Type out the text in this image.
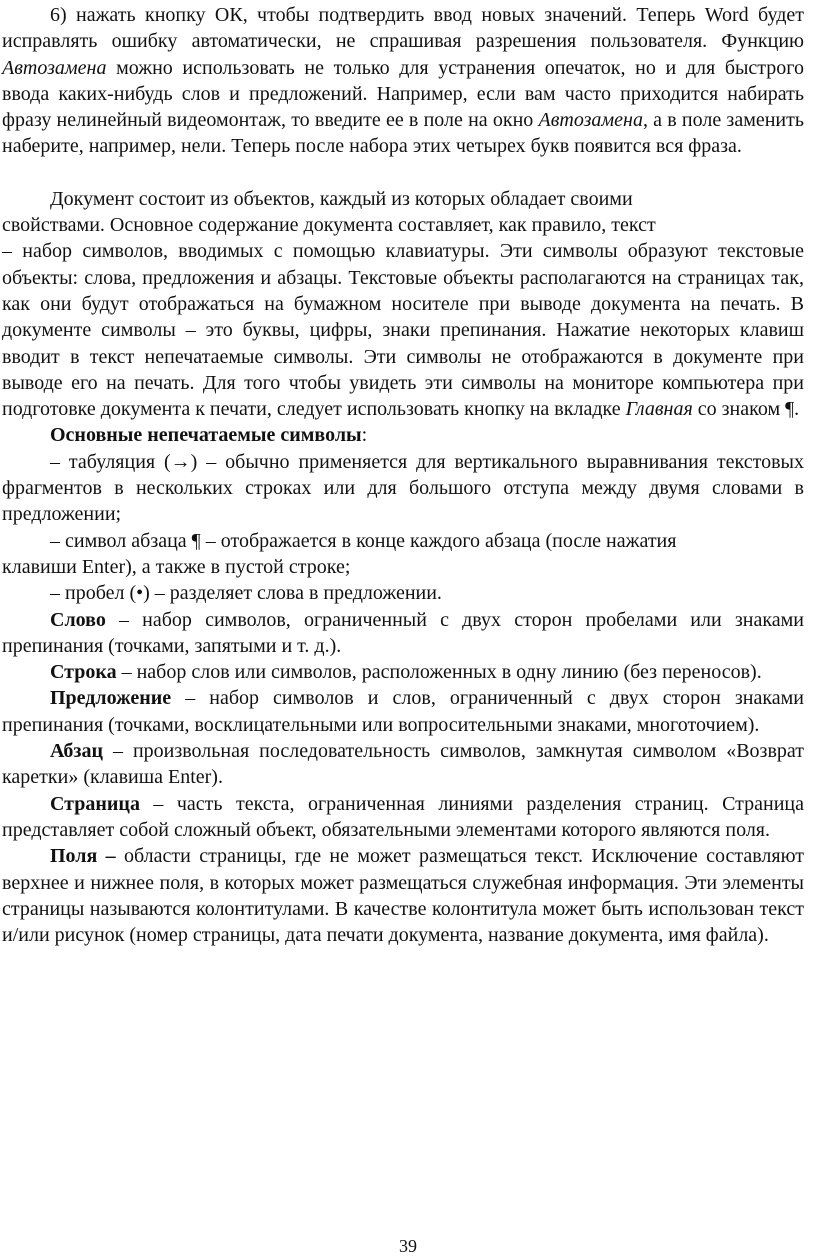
6) нажать кнопку ОК, чтобы подтвердить ввод новых значений. Теперь Word будет исправлять ошибку автоматически, не спрашивая разрешения пользователя. Функцию Автозамена можно использовать не только для устранения опечаток, но и для быстрого ввода каких-нибудь слов и предложений. Например, если вам часто приходится набирать фразу нелинейный видеомонтаж, то введите ее в поле на окно Автозамена, а в поле заменить наберите, например, нели. Теперь после набора этих четырех букв появится вся фраза.

Документ состоит из объектов, каждый из которых обладает своими

свойствами. Основное содержание документа составляет, как правило, текст

– набор символов, вводимых с помощью клавиатуры. Эти символы образуют текстовые объекты: слова, предложения и абзацы. Текстовые объекты располагаются на страницах так, как они будут отображаться на бумажном носителе при выводе документа на печать. В документе символы – это буквы, цифры, знаки препинания. Нажатие некоторых клавиш вводит в текст непечатаемые символы. Эти символы не отображаются в документе при выводе его на печать. Для того чтобы увидеть эти символы на мониторе компьютера при подготовке документа к печати, следует использовать кнопку на вкладке Главная со знаком ¶.

Основные непечатаемые символы:

– табуляция (→) – обычно применяется для вертикального выравнивания текстовых фрагментов в нескольких строках или для большого отступа между двумя словами в предложении;

– символ абзаца ¶ – отображается в конце каждого абзаца (после нажатия

клавиши Enter), а также в пустой строке;

– пробел (•) – разделяет слова в предложении.

Слово – набор символов, ограниченный с двух сторон пробелами или знаками препинания (точками, запятыми и т. д.).

Строка – набор слов или символов, расположенных в одну линию (без переносов).

Предложение – набор символов и слов, ограниченный с двух сторон знаками препинания (точками, восклицательными или вопросительными знаками, многоточием).

Абзац – произвольная последовательность символов, замкнутая символом «Возврат каретки» (клавиша Enter).

Страница – часть текста, ограниченная линиями разделения страниц. Страница представляет собой сложный объект, обязательными элементами которого являются поля.

Поля – области страницы, где не может размещаться текст. Исключение составляют верхнее и нижнее поля, в которых может размещаться служебная информация. Эти элементы страницы называются колонтитулами. В качестве колонтитула может быть использован текст и/или рисунок (номер страницы, дата печати документа, название документа, имя файла).

39
